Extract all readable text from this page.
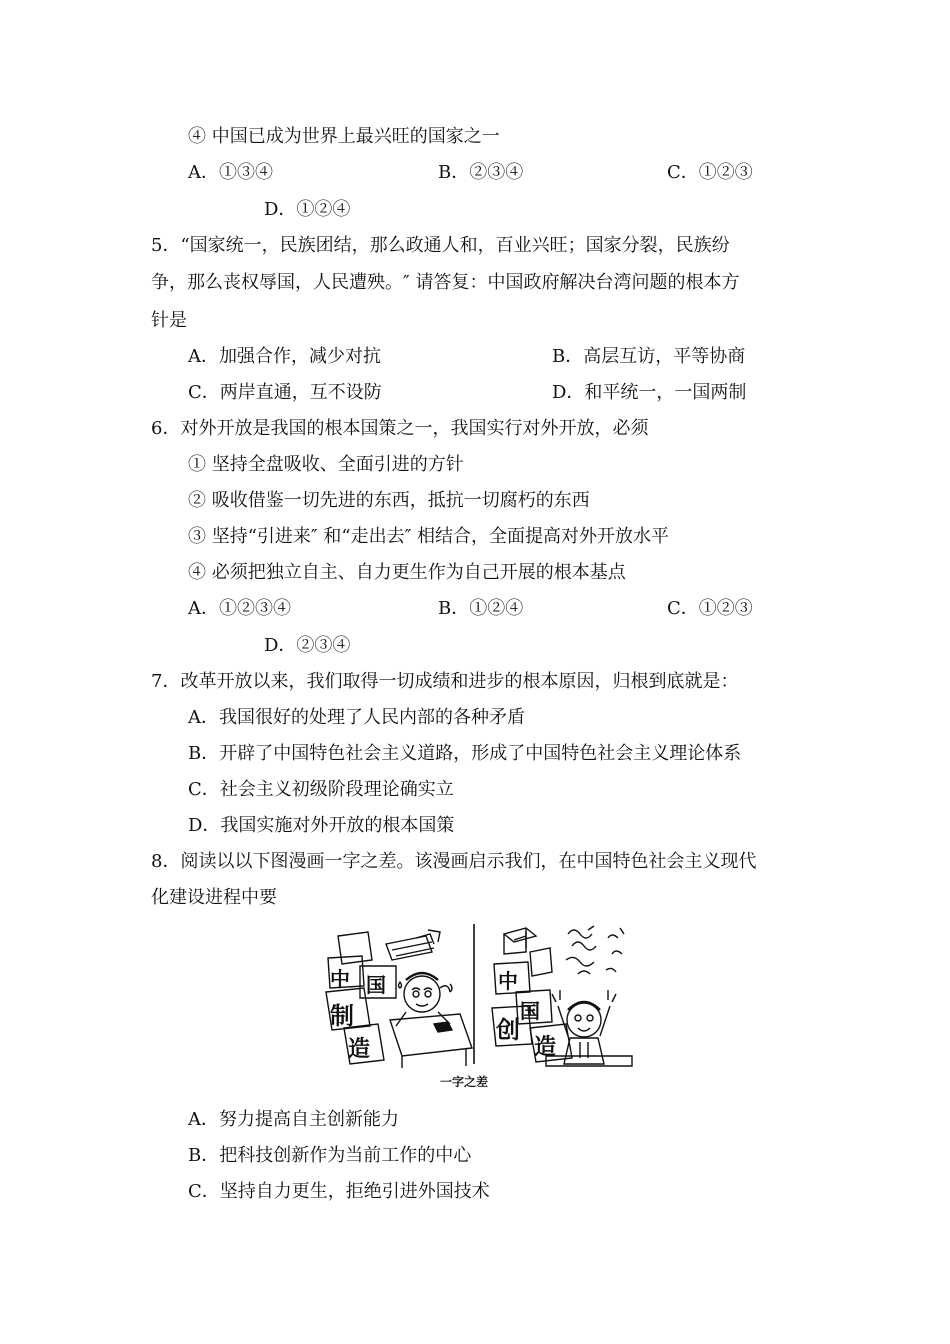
④ 中国已成为世界上最兴旺的国家之一
A．①③④	B．②③④	C．①②③
D．①②④
5．“国家统一，民族团结，那么政通人和，百业兴旺；国家分裂，民族纷
争，那么丧权辱国，人民遭殃。″ 请答复：中国政府解决台湾问题的根本方
针是
A．加强合作，减少对抗	B．高层互访，平等协商
C．两岸直通，互不设防	D．和平统一，一国两制
6．对外开放是我国的根本国策之一，我国实行对外开放，必须
① 坚持全盘吸收、全面引进的方针
② 吸收借鉴一切先进的东西，抵抗一切腐朽的东西
③ 坚持“引进来″ 和“走出去″ 相结合，全面提高对外开放水平
④ 必须把独立自主、自力更生作为自己开展的根本基点
A．①②③④	B．①②④	C．①②③
D．②③④
7．改革开放以来，我们取得一切成绩和进步的根本原因，归根到底就是：
A．我国很好的处理了人民内部的各种矛盾
B．开辟了中国特色社会主义道路，形成了中国特色社会主义理论体系
C．社会主义初级阶段理论确实立
D．我国实施对外开放的根本国策
8．阅读以以下图漫画一字之差。该漫画启示我们，在中国特色社会主义现代
化建设进程中要
中 国
制
造
中
国
创
造
一字之差
A．努力提高自主创新能力
B．把科技创新作为当前工作的中心
C．坚持自力更生，拒绝引进外国技术
